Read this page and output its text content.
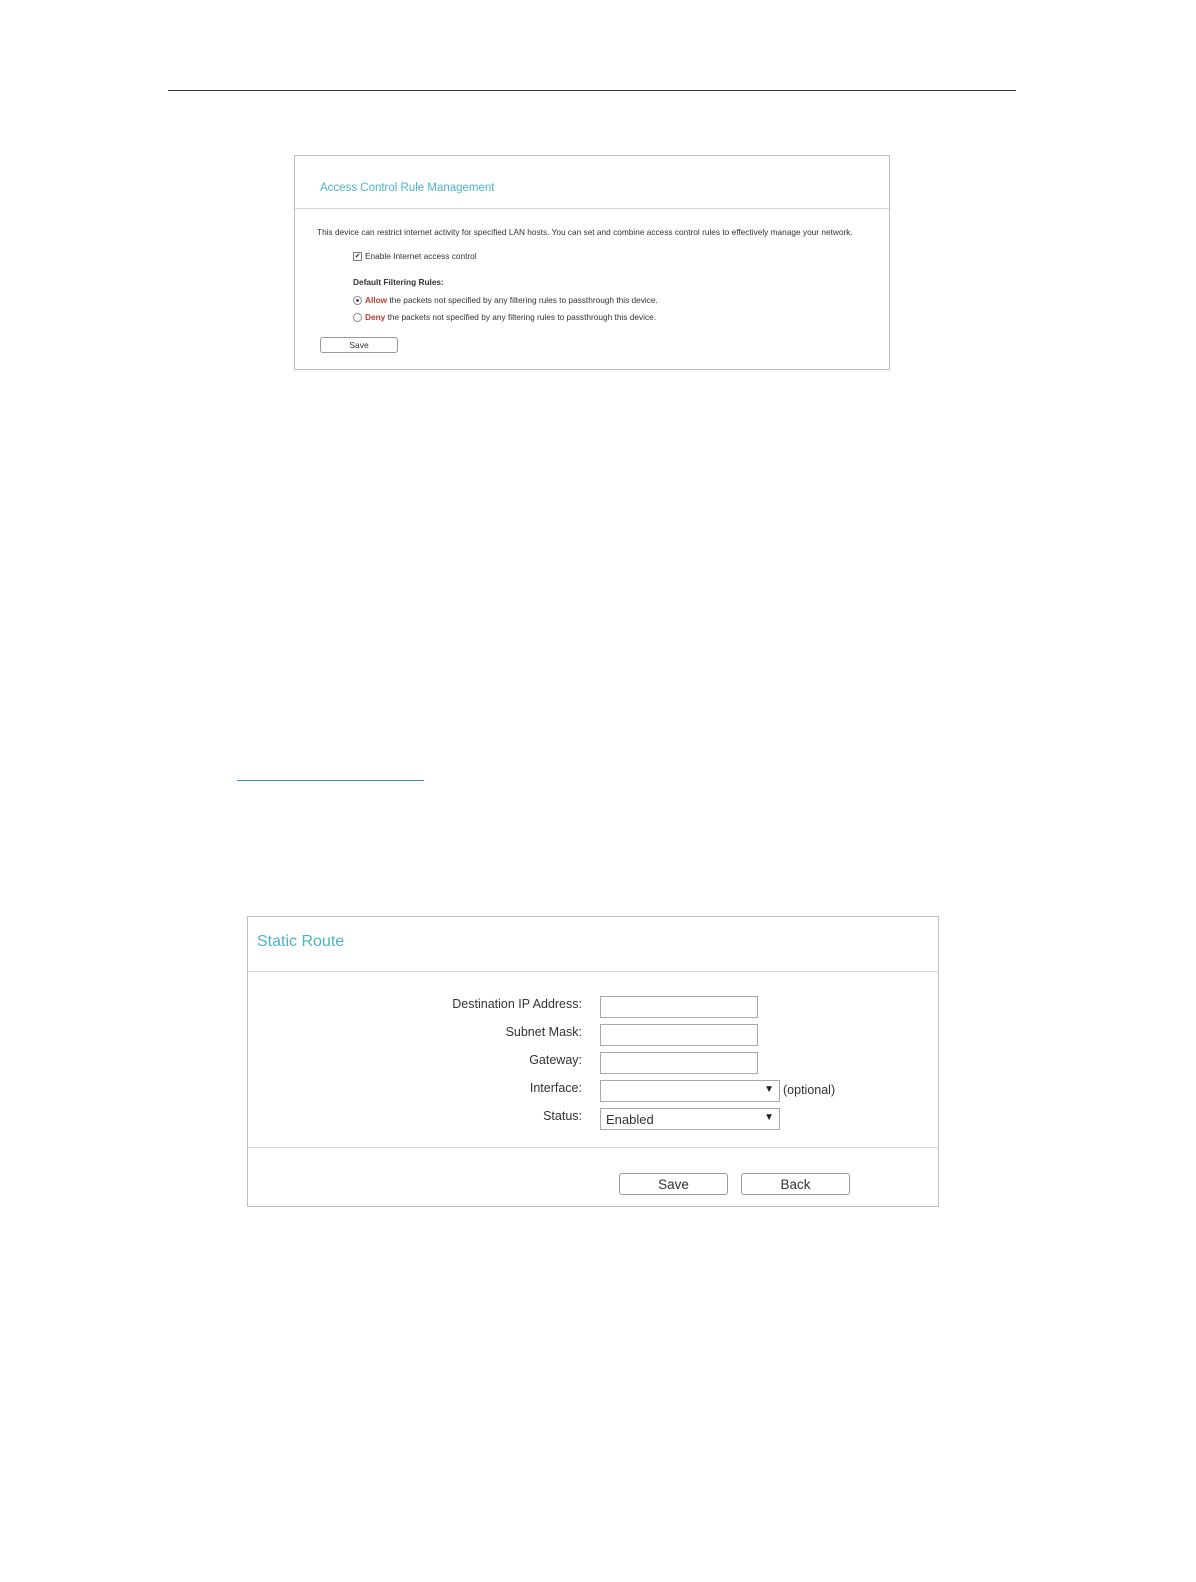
Access Control Rule Management
This device can restrict internet activity for specified LAN hosts. You can set and combine access control rules to effectively manage your network.
✔ Enable Internet access control
Default Filtering Rules:
Allow the packets not specified by any filtering rules to passthrough this device.
Deny the packets not specified by any filtering rules to passthrough this device.
Save
Static Route
Destination IP Address:
Subnet Mask:
Gateway:
Interface:	▼ (optional)
Status: Enabled	▼
Save	Back
